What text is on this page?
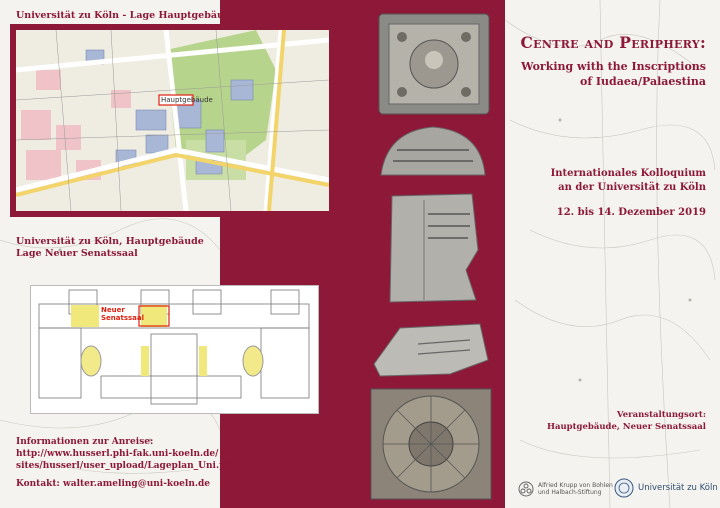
Universität zu Köln - Lage Hauptgebäude
Hauptgebäude
Universität zu Köln, Hauptgebäude
Lage Neuer Senatssaal
Neuer
Senatssaal
Informationen zur Anreise:
http://www.husserl.phi-fak.uni-koeln.de/
sites/husserl/user_upload/Lageplan_Uni.pdf
Kontakt: walter.ameling@uni-koeln.de
Centre and Periphery:
Working with the Inscriptions
of Iudaea/Palaestina
Internationales Kolloquium
an der Universität zu Köln
12. bis 14. Dezember 2019
Veranstaltungsort:
Hauptgebäude, Neuer Senatssaal
Alfried Krupp von Bohlen
und Halbach-Stiftung	Universität zu Köln
